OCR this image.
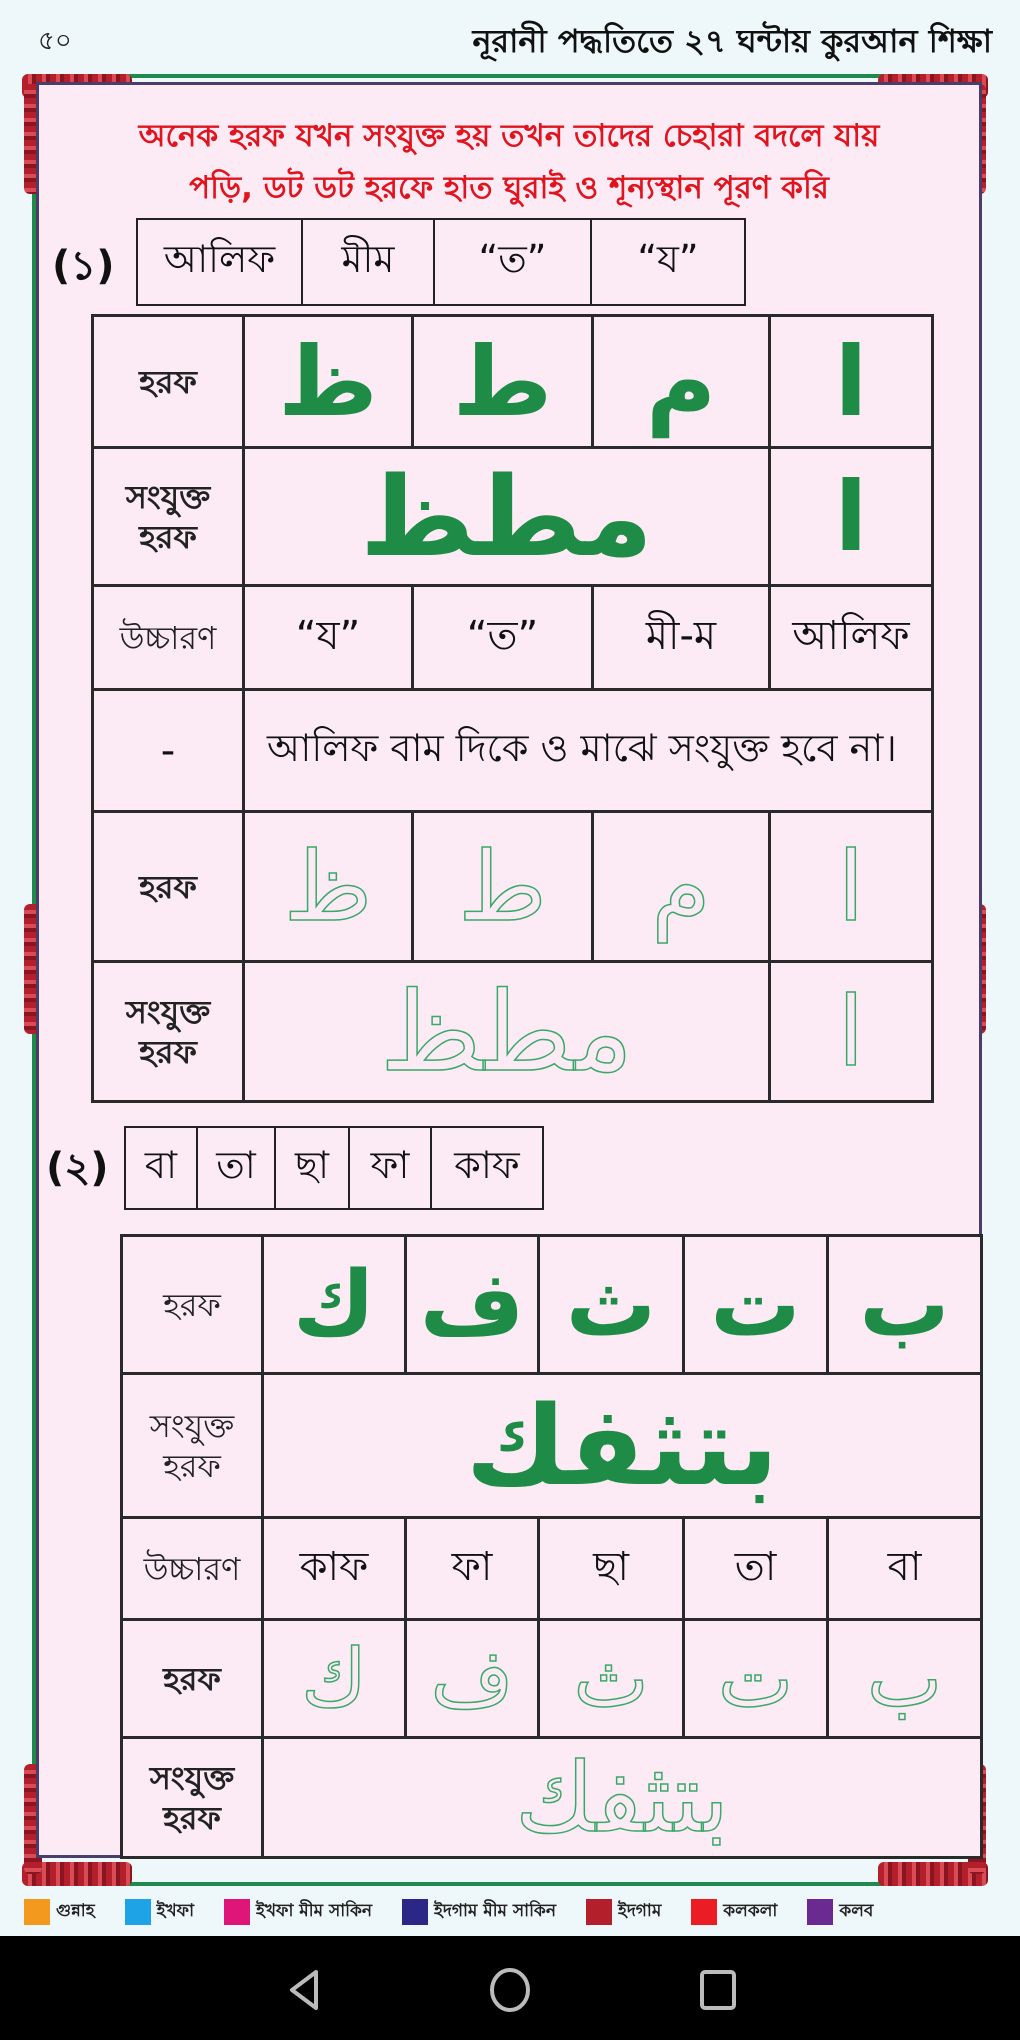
৫০	নূরানী পদ্ধতিতে ২৭ ঘন্টায় কুরআন শিক্ষা
অনেক হরফ যখন সংযুক্ত হয় তখন তাদের চেহারা বদলে যায়
পড়ি, ডট ডট হরফে হাত ঘুরাই ও শূন্যস্থান পূরণ করি
(১)	আলিফ	মীম	“ত”	“য”
হরফ	ظ	ط	م	ا

সংযুক্ত
হরফ	مطظ			ا
উচ্চারণ	“য”	“ত”	মী-ম	আলিফ
-	আলিফ বাম দিকে ও মাঝে সংযুক্ত হবে না।			
হরফ	ظ	ط	م	ا

সংযুক্ত
হরফ	مطظ			ا
(২) বা	তা	ছা	ফা	কাফ
হরফ	ك	ف	ث	ت	ب

সংযুক্ত
হরফ	بتثفك				
উচ্চারণ	কাফ	ফা	ছা	তা	বা
হরফ	ك	ف	ث	ت	ب

সংযুক্ত
হরফ	بتثفك				
গুন্নাহ	ইখফা	ইখফা মীম সাকিন	ইদগাম মীম সাকিন	ইদগাম	কলকলা	কলব
